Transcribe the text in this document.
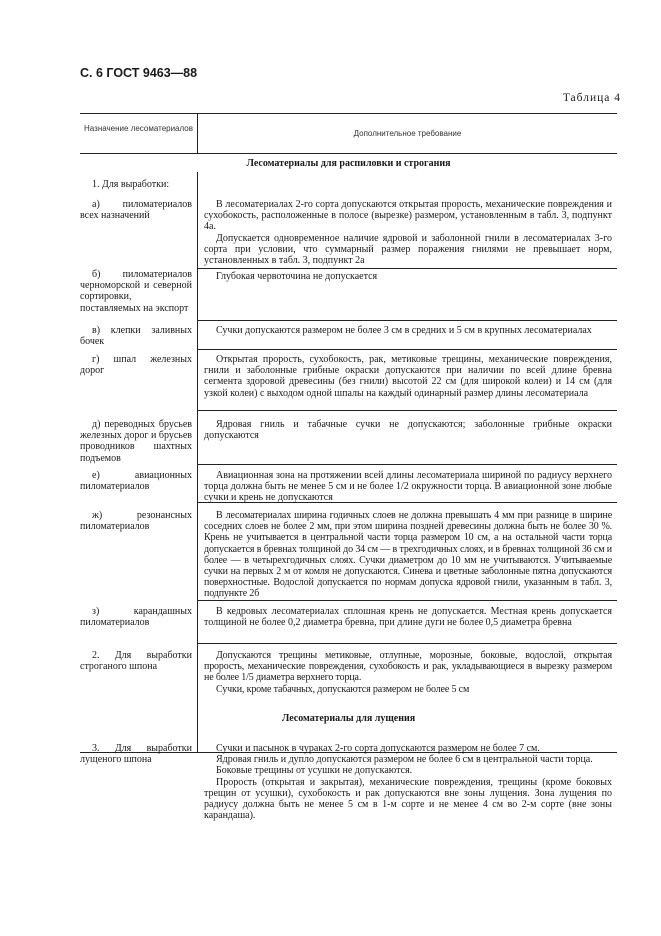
С. 6 ГОСТ 9463—88
Таблица 4
Назначение лесоматериалов
Дополнительное требование
Лесоматериалы для распиловки и строгания

1. Для выработки:

а) пиломатериалов всех назначений

В лесоматериалах 2-го сорта допускаются открытая прорость, механические повреждения и сухобокость, расположенные в полосе (вырезке) размером, установленным в табл. 3, подпункт 4а.

Допускается одновременное наличие ядровой и заболонной гнили в лесоматериалах 3-го сорта при условии, что суммарный размер поражения гнилями не превышает норм, установленных в табл. 3, подпункт 2а

б) пиломатериалов черноморской и северной сортировки, поставляемых на экспорт

Глубокая червоточина не допускается

в) клепки заливных бочек

Сучки допускаются размером не более 3 см в средних и 5 см в крупных лесоматериалах

г) шпал железных дорог

Открытая прорость, сухобокость, рак, метиковые трещины, механические повреждения, гнили и заболонные грибные окраски допускаются при наличии по всей длине бревна сегмента здоровой древесины (без гнили) высотой 22 см (для широкой колеи) и 14 см (для узкой колеи) с выходом одной шпалы на каждый одинарный размер длины лесоматериала

д) переводных брусьев железных дорог и брусьев проводников шахтных подъемов

Ядровая гниль и табачные сучки не допускаются; заболонные грибные окраски допускаются

е) авиационных пиломатериалов

Авиационная зона на протяжении всей длины лесоматериала шириной по радиусу верхнего торца должна быть не менее 5 см и не более 1/2 окружности торца. В авиационной зоне любые сучки и крень не допускаются

ж) резонансных пиломатериалов

В лесоматериалах ширина годичных слоев не должна превышать 4 мм при разнице в ширине соседних слоев не более 2 мм, при этом ширина поздней древесины должна быть не более 30 %. Крень не учитывается в центральной части торца размером 10 см, а на остальной части торца допускается в бревнах толщиной до 34 см — в трехгодичных слоях, и в бревнах толщиной 36 см и более — в четырехгодичных слоях. Сучки диаметром до 10 мм не учитываются. Учитываемые сучки на первых 2 м от комля не допускаются. Синева и цветные заболонные пятна допускаются поверхностные. Водослой допускается по нормам допуска ядровой гнили, указанным в табл. 3, подпункте 2б

з) карандашных пиломатериалов

В кедровых лесоматериалах сплошная крень не допускается. Местная крень допускается толщиной не более 0,2 диаметра бревна, при длине дуги не более 0,5 диаметра бревна

2. Для выработки строганого шпона

Допускаются трещины метиковые, отлупные, морозные, боковые, водослой, открытая прорость, механические повреждения, сухобокость и рак, укладывающиеся в вырезку размером не более 1/5 диаметра верхнего торца.

Сучки, кроме табачных, допускаются размером не более 5 см

Лесоматериалы для лущения

3. Для выработки лущеного шпона

Сучки и пасынок в чураках 2-го сорта допускаются размером не более 7 см.

Ядровая гниль и дупло допускаются размером не более 6 см в центральной части торца.

Боковые трещины от усушки не допускаются.

Прорость (открытая и закрытая), механические повреждения, трещины (кроме боковых трещин от усушки), сухобокость и рак допускаются вне зоны лущения. Зона лущения по радиусу должна быть не менее 5 см в 1-м сорте и не менее 4 см во 2-м сорте (вне зоны карандаша).
